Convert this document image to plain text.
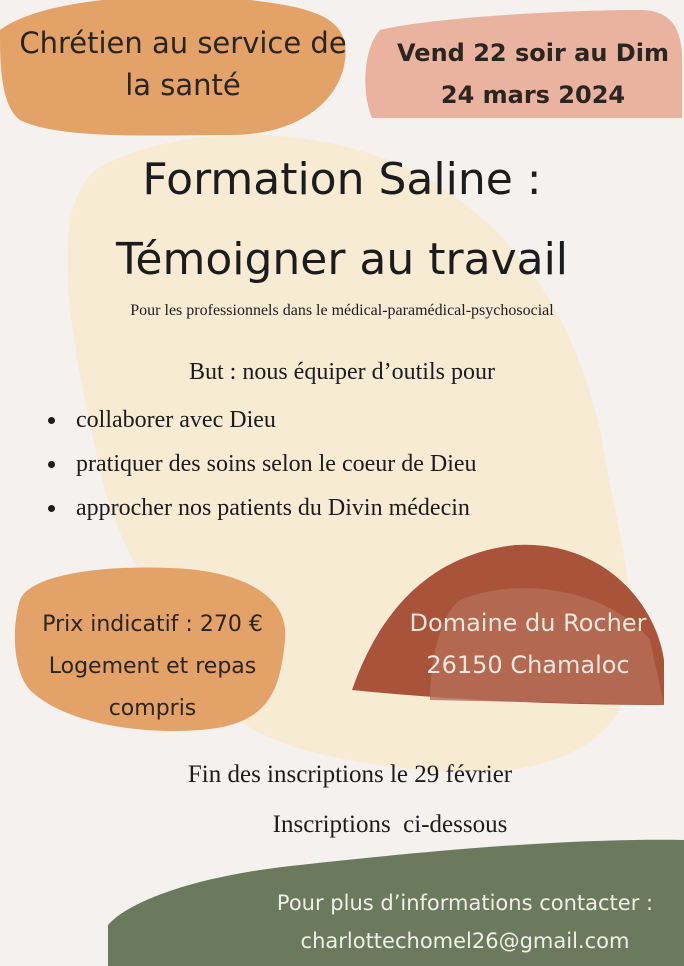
Chrétien au service de la santé
Vend 22 soir au Dim 24 mars 2024
Formation Saline :
Témoigner au travail
Pour les professionnels dans le médical-paramédical-psychosocial
But : nous équiper d’outils pour
collaborer avec Dieu
pratiquer des soins selon le coeur de Dieu
approcher nos patients du Divin médecin
Prix indicatif : 270 € Logement et repas compris
Domaine du Rocher 26150 Chamaloc
Fin des inscriptions le 29 février
Inscriptions  ci-dessous
Pour plus d’informations contacter :
charlottechomel26@gmail.com
